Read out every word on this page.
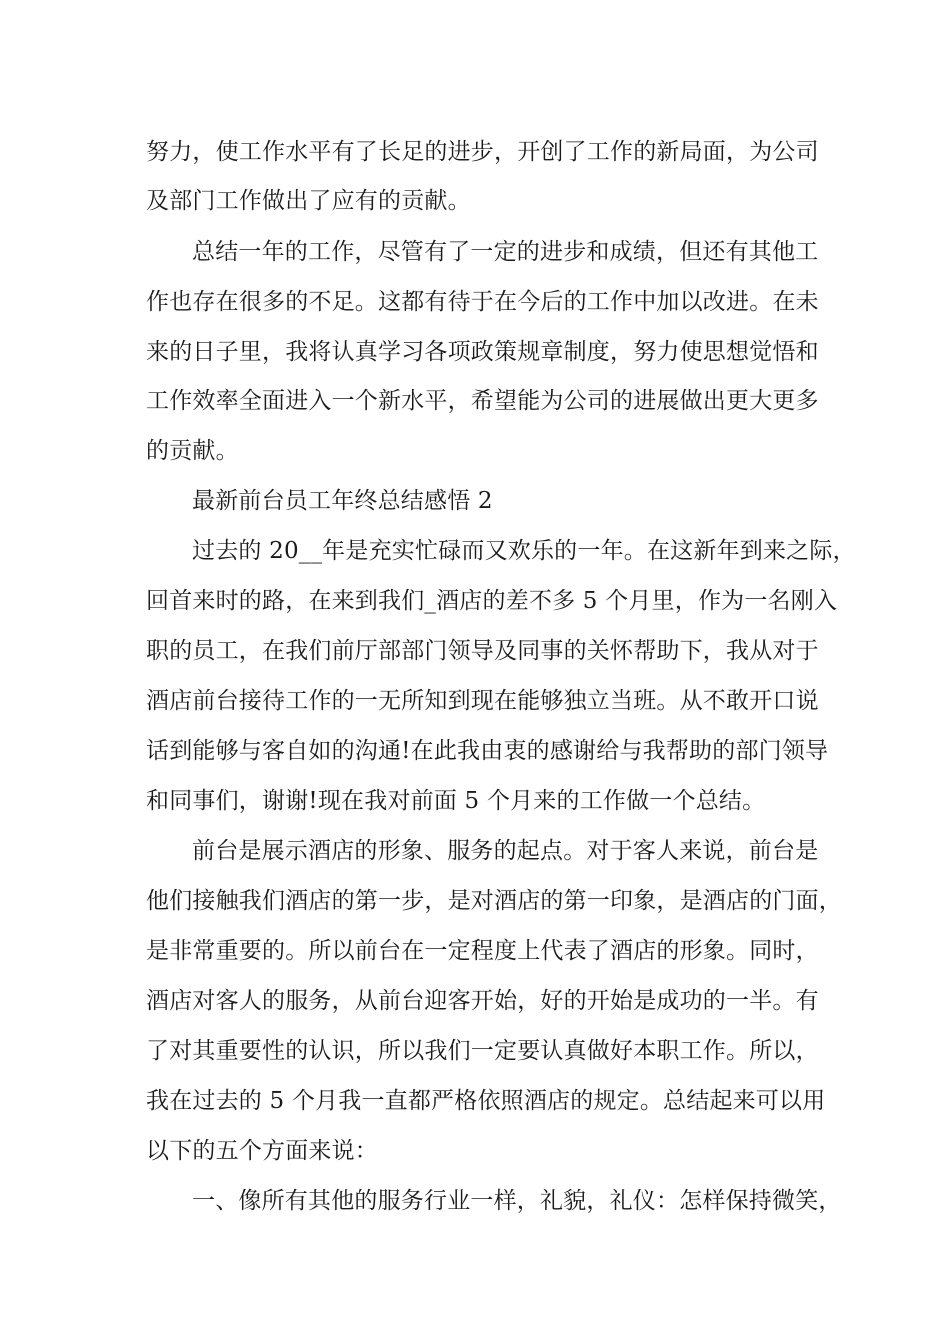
努力，使工作水平有了长足的进步，开创了工作的新局面，为公司
及部门工作做出了应有的贡献。
总结一年的工作，尽管有了一定的进步和成绩，但还有其他工
作也存在很多的不足。这都有待于在今后的工作中加以改进。在未
来的日子里，我将认真学习各项政策规章制度，努力使思想觉悟和
工作效率全面进入一个新水平，希望能为公司的进展做出更大更多
的贡献。
最新前台员工年终总结感悟 2
过去的 20__年是充实忙碌而又欢乐的一年。在这新年到来之际，
回首来时的路，在来到我们_酒店的差不多 5 个月里，作为一名刚入
职的员工，在我们前厅部部门领导及同事的关怀帮助下，我从对于
酒店前台接待工作的一无所知到现在能够独立当班。从不敢开口说
话到能够与客自如的沟通!在此我由衷的感谢给与我帮助的部门领导
和同事们，谢谢!现在我对前面 5 个月来的工作做一个总结。
前台是展示酒店的形象、服务的起点。对于客人来说，前台是
他们接触我们酒店的第一步，是对酒店的第一印象，是酒店的门面，
是非常重要的。所以前台在一定程度上代表了酒店的形象。同时，
酒店对客人的服务，从前台迎客开始，好的开始是成功的一半。有
了对其重要性的认识，所以我们一定要认真做好本职工作。所以，
我在过去的 5 个月我一直都严格依照酒店的规定。总结起来可以用
以下的五个方面来说：
一、像所有其他的服务行业一样，礼貌，礼仪：怎样保持微笑，
